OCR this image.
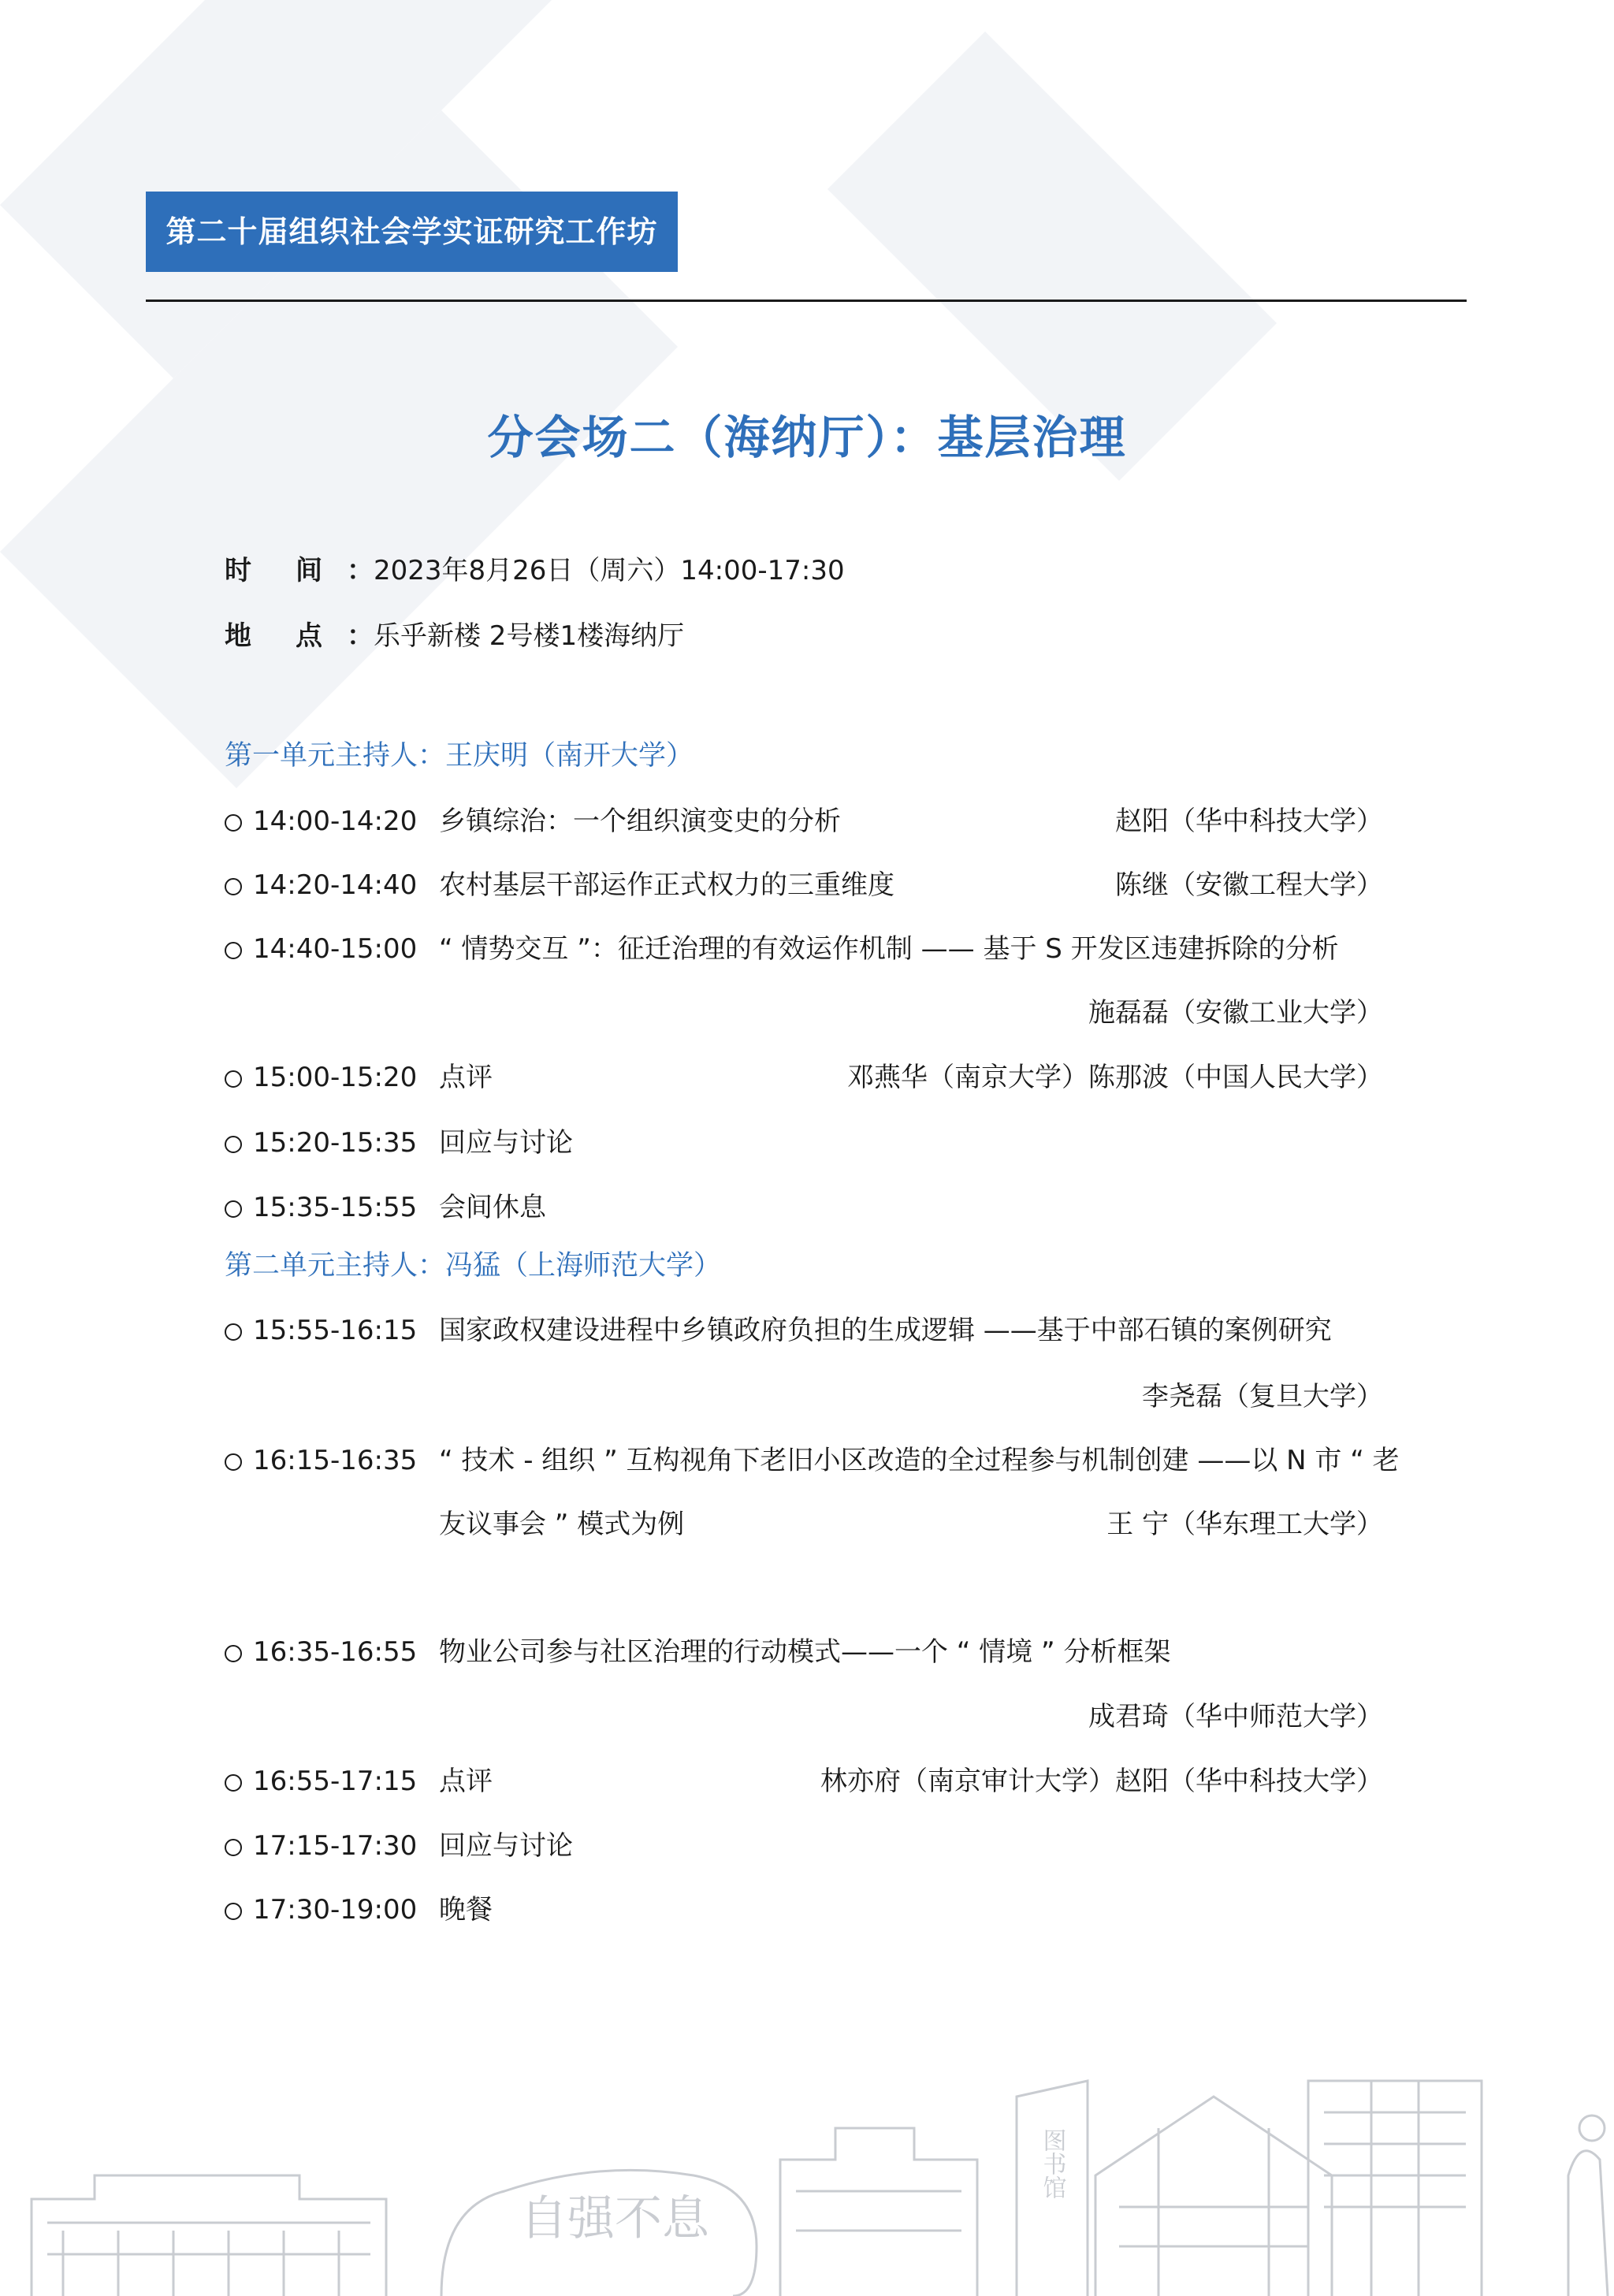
自强不息
图书馆
第二十届组织社会学实证研究工作坊
分会场二（海纳厅）：基层治理
时 间 ：2023年8月26日（周六）14:00-17:30
地 点 ：乐乎新楼 2号楼1楼海纳厅
第一单元主持人：王庆明（南开大学）
14:00-14:20 乡镇综治：一个组织演变史的分析	赵阳（华中科技大学）
14:20-14:40 农村基层干部运作正式权力的三重维度	陈继（安徽工程大学）
14:40-15:00 “ 情势交互 ”：征迁治理的有效运作机制 —— 基于 S 开发区违建拆除的分析
施磊磊（安徽工业大学）
15:00-15:20 点评	邓燕华（南京大学）陈那波（中国人民大学）
15:20-15:35 回应与讨论
15:35-15:55 会间休息
第二单元主持人：冯猛（上海师范大学）
15:55-16:15 国家政权建设进程中乡镇政府负担的生成逻辑 ——基于中部石镇的案例研究
李尧磊（复旦大学）
16:15-16:35 “ 技术 - 组织 ” 互构视角下老旧小区改造的全过程参与机制创建 ——以 N 市 “ 老
友议事会 ” 模式为例	王 宁（华东理工大学）
16:35-16:55 物业公司参与社区治理的行动模式——一个 “ 情境 ” 分析框架
成君琦（华中师范大学）
16:55-17:15 点评	林亦府（南京审计大学）赵阳（华中科技大学）
17:15-17:30 回应与讨论
17:30-19:00 晚餐
